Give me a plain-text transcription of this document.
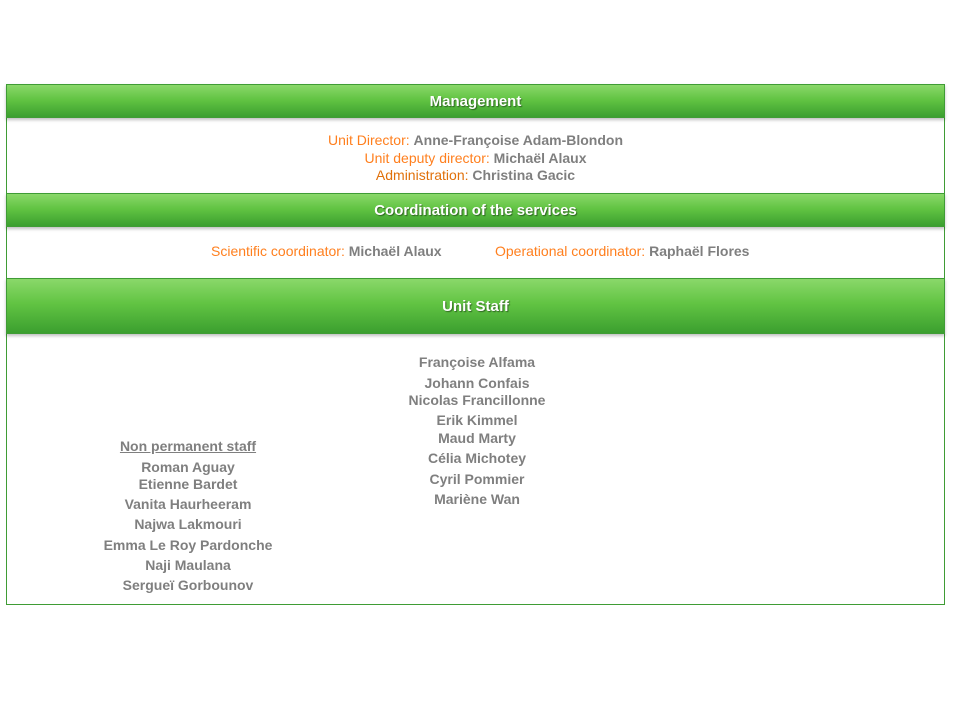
Management
Unit Director: Anne-Françoise Adam-Blondon
Unit deputy director: Michaël Alaux
Administration: Christina Gacic
Coordination of the services
Scientific coordinator: Michaël Alaux	Operational coordinator: Raphaël Flores
Unit Staff
Françoise Alfama
Johann Confais
Nicolas Francillonne
Erik Kimmel
Maud Marty
Célia Michotey
Cyril Pommier
Mariène Wan
Non permanent staff
Roman Aguay
Etienne Bardet
Vanita Haurheeram
Najwa Lakmouri
Emma Le Roy Pardonche
Naji Maulana
Sergueï Gorbounov
